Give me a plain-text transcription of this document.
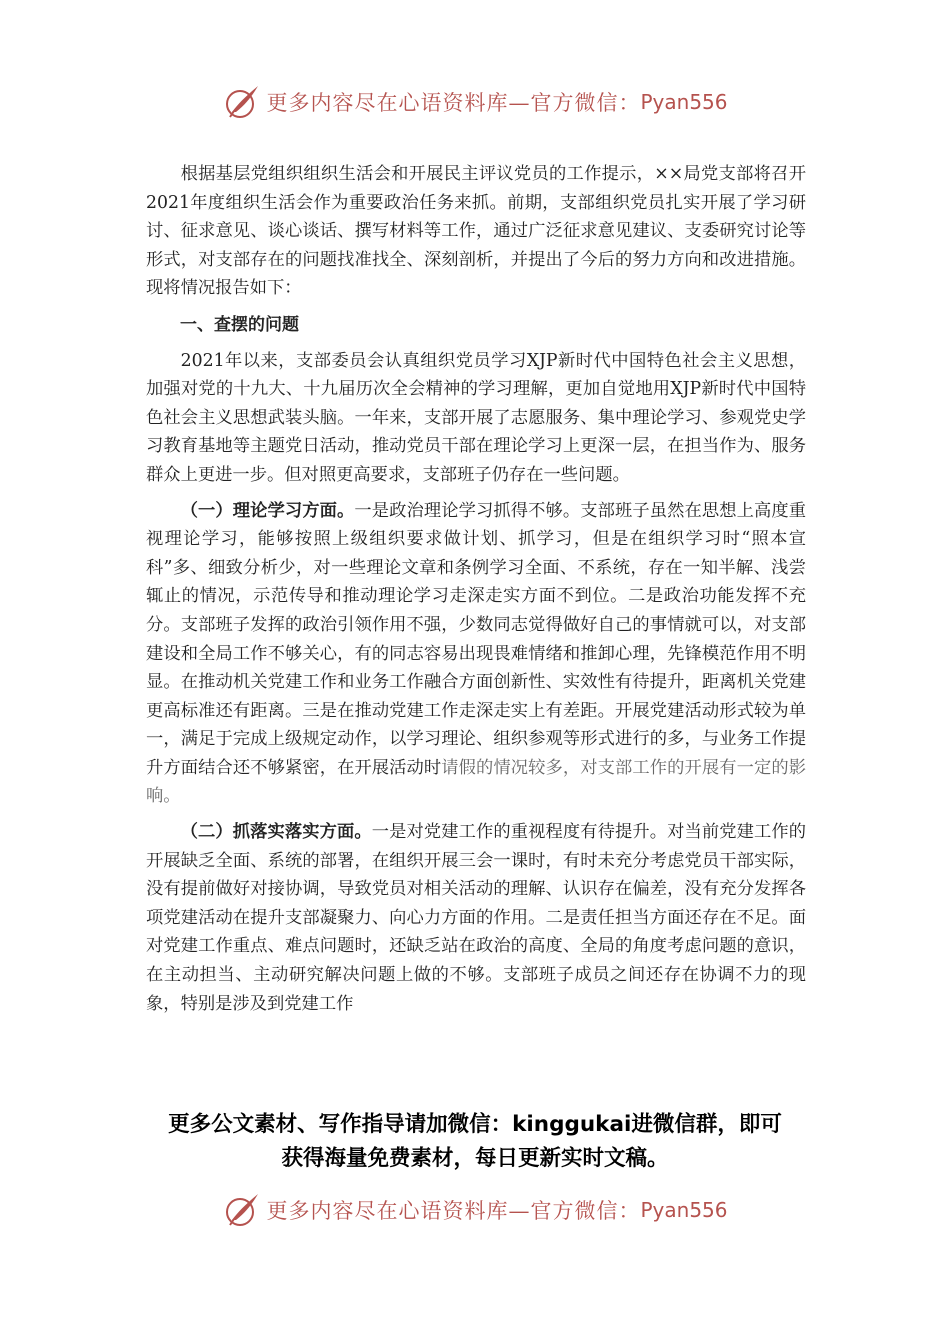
更多内容尽在心语资料库—官方微信： Pyan556

根据基层党组织组织生活会和开展民主评议党员的工作提示，××局党支部将召开2021年度组织生活会作为重要政治任务来抓。前期，支部组织党员扎实开展了学习研讨、征求意见、谈心谈话、撰写材料等工作，通过广泛征求意见建议、支委研究讨论等形式，对支部存在的问题找准找全、深刻剖析，并提出了今后的努力方向和改进措施。现将情况报告如下：

一、查摆的问题

2021年以来，支部委员会认真组织党员学习XJP新时代中国特色社会主义思想，加强对党的十九大、十九届历次全会精神的学习理解，更加自觉地用XJP新时代中国特色社会主义思想武装头脑。一年来，支部开展了志愿服务、集中理论学习、参观党史学习教育基地等主题党日活动，推动党员干部在理论学习上更深一层，在担当作为、服务群众上更进一步。但对照更高要求，支部班子仍存在一些问题。

（一）理论学习方面。一是政治理论学习抓得不够。支部班子虽然在思想上高度重视理论学习，能够按照上级组织要求做计划、抓学习，但是在组织学习时“照本宣科”多、细致分析少，对一些理论文章和条例学习全面、不系统，存在一知半解、浅尝辄止的情况，示范传导和推动理论学习走深走实方面不到位。二是政治功能发挥不充分。支部班子发挥的政治引领作用不强，少数同志觉得做好自己的事情就可以，对支部建设和全局工作不够关心，有的同志容易出现畏难情绪和推卸心理，先锋模范作用不明显。在推动机关党建工作和业务工作融合方面创新性、实效性有待提升，距离机关党建更高标准还有距离。三是在推动党建工作走深走实上有差距。开展党建活动形式较为单一，满足于完成上级规定动作，以学习理论、组织参观等形式进行的多，与业务工作提升方面结合还不够紧密，在开展活动时请假的情况较多，对支部工作的开展有一定的影响。

（二）抓落实落实方面。一是对党建工作的重视程度有待提升。对当前党建工作的开展缺乏全面、系统的部署，在组织开展三会一课时，有时未充分考虑党员干部实际，没有提前做好对接协调，导致党员对相关活动的理解、认识存在偏差，没有充分发挥各项党建活动在提升支部凝聚力、向心力方面的作用。二是责任担当方面还存在不足。面对党建工作重点、难点问题时，还缺乏站在政治的高度、全局的角度考虑问题的意识，在主动担当、主动研究解决问题上做的不够。支部班子成员之间还存在协调不力的现象，特别是涉及到党建工作

更多公文素材、写作指导请加微信：kinggukai进微信群，即可
获得海量免费素材，每日更新实时文稿。
更多内容尽在心语资料库—官方微信： Pyan556
